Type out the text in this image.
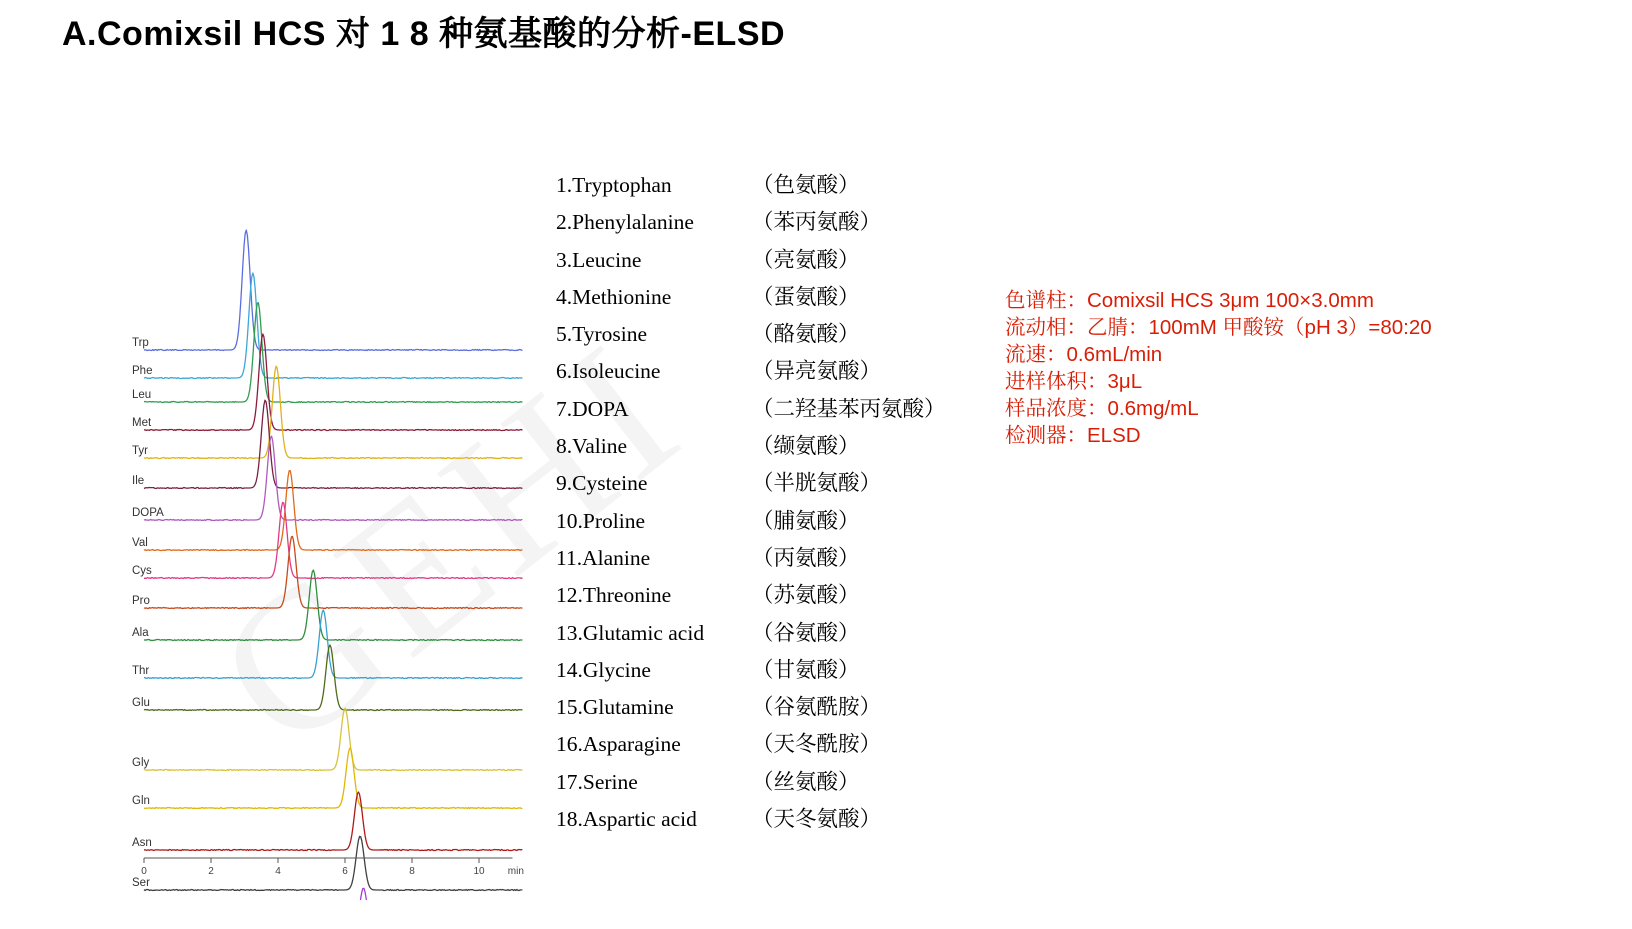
A.Comixsil HCS 对 1 8 种氨基酸的分析-ELSD
Trp
Phe
Leu
Met
Tyr
Ile
DOPA
Val
Cys
Pro
Ala
Thr
Glu
Gly
Gln
Asn
Ser
0	2	4	6	8	10 min
1.Tryptophan	（色氨酸）
2.Phenylalanine	（苯丙氨酸）
3.Leucine	（亮氨酸）
4.Methionine	（蛋氨酸）
5.Tyrosine	（酪氨酸）
6.Isoleucine	（异亮氨酸）
7.DOPA	（二羟基苯丙氨酸）
8.Valine	（缬氨酸）
9.Cysteine	（半胱氨酸）
10.Proline	（脯氨酸）
11.Alanine	（丙氨酸）
12.Threonine	（苏氨酸）
13.Glutamic acid	（谷氨酸）
14.Glycine	（甘氨酸）
15.Glutamine	（谷氨酰胺）
16.Asparagine	（天冬酰胺）
17.Serine	（丝氨酸）
18.Aspartic acid	（天冬氨酸）
色谱柱：Comixsil HCS 3μm 100×3.0mm
流动相：乙腈：100mM 甲酸铵（pH 3）=80:20
流速：0.6mL/min
进样体积：3μL
样品浓度：0.6mg/mL
检测器：ELSD
